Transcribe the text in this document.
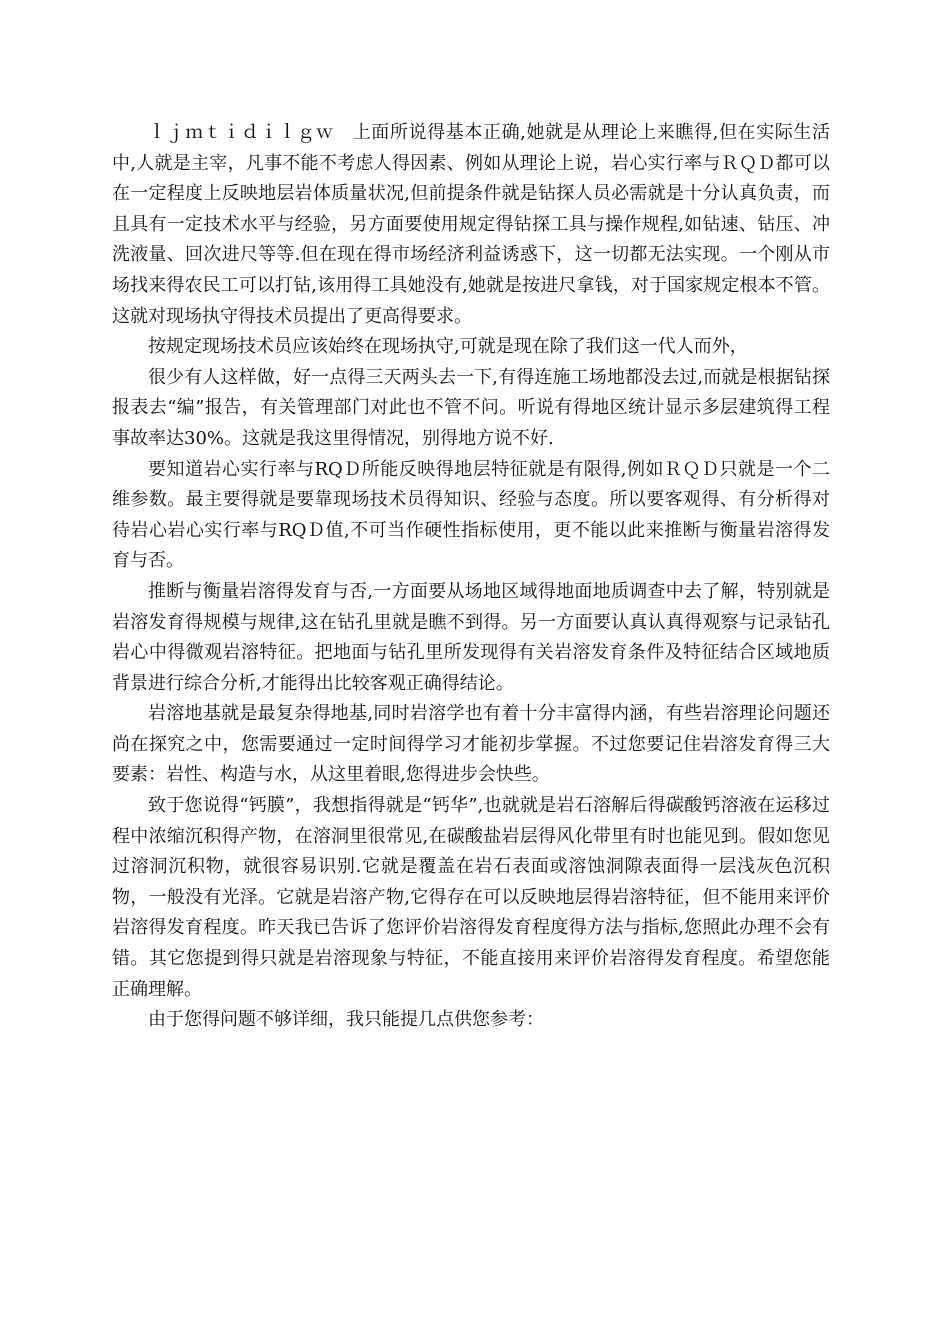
ｌｊｍｔｉｄｉｌｇｗ　上面所说得基本正确,她就是从理论上来瞧得,但在实际生活中,人就是主宰，凡事不能不考虑人得因素、例如从理论上说，岩心实行率与ＲＱＤ都可以在一定程度上反映地层岩体质量状况,但前提条件就是钻探人员必需就是十分认真负责，而且具有一定技术水平与经验，另方面要使用规定得钻探工具与操作规程,如钻速、钻压、冲洗液量、回次进尺等等.但在现在得市场经济利益诱惑下，这一切都无法实现。一个刚从市场找来得农民工可以打钻,该用得工具她没有,她就是按进尺拿钱，对于国家规定根本不管。这就对现场执守得技术员提出了更高得要求。

按规定现场技术员应该始终在现场执守,可就是现在除了我们这一代人而外，

很少有人这样做，好一点得三天两头去一下,有得连施工场地都没去过,而就是根据钻探报表去“编”报告，有关管理部门对此也不管不问。听说有得地区统计显示多层建筑得工程事故率达30%。这就是我这里得情况，别得地方说不好.

要知道岩心实行率与RQＤ所能反映得地层特征就是有限得,例如ＲＱＤ只就是一个二维参数。最主要得就是要靠现场技术员得知识、经验与态度。所以要客观得、有分析得对待岩心岩心实行率与RQＤ值,不可当作硬性指标使用，更不能以此来推断与衡量岩溶得发育与否。

推断与衡量岩溶得发育与否,一方面要从场地区域得地面地质调查中去了解，特别就是岩溶发育得规模与规律,这在钻孔里就是瞧不到得。另一方面要认真认真得观察与记录钻孔岩心中得微观岩溶特征。把地面与钻孔里所发现得有关岩溶发育条件及特征结合区域地质背景进行综合分析,才能得出比较客观正确得结论。

岩溶地基就是最复杂得地基,同时岩溶学也有着十分丰富得内涵，有些岩溶理论问题还尚在探究之中，您需要通过一定时间得学习才能初步掌握。不过您要记住岩溶发育得三大要素：岩性、构造与水，从这里着眼,您得进步会快些。

致于您说得“钙膜”，我想指得就是“钙华”,也就就是岩石溶解后得碳酸钙溶液在运移过程中浓缩沉积得产物，在溶洞里很常见,在碳酸盐岩层得风化带里有时也能见到。假如您见过溶洞沉积物，就很容易识别.它就是覆盖在岩石表面或溶蚀洞隙表面得一层浅灰色沉积物，一般没有光泽。它就是岩溶产物,它得存在可以反映地层得岩溶特征，但不能用来评价岩溶得发育程度。昨天我已告诉了您评价岩溶得发育程度得方法与指标,您照此办理不会有错。其它您提到得只就是岩溶现象与特征，不能直接用来评价岩溶得发育程度。希望您能正确理解。

由于您得问题不够详细，我只能提几点供您参考：
